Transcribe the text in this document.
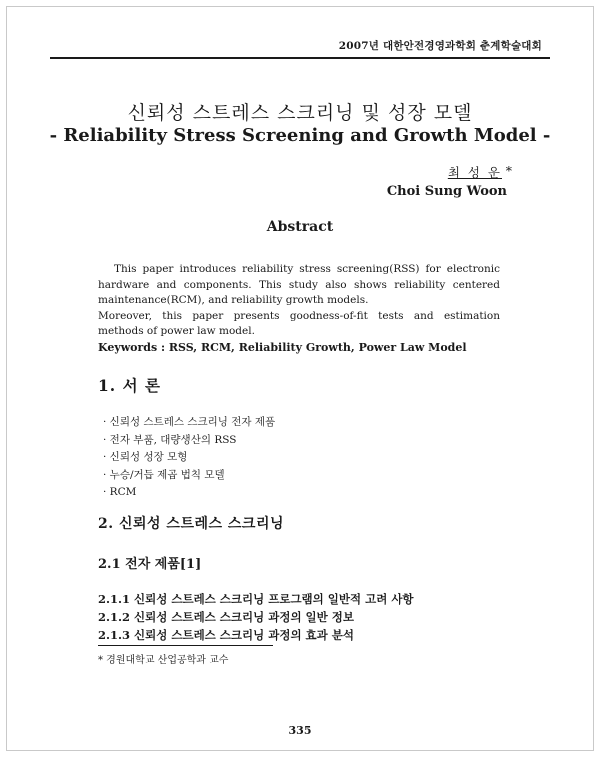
2007년 대한안전경영과학회 춘계학술대회
신뢰성 스트레스 스크리닝 및 성장 모델
- Reliability Stress Screening and Growth Model -
최 성 운 *
Choi Sung Woon
Abstract

This paper introduces reliability stress screening(RSS) for electronic hardware and components. This study also shows reliability centered maintenance(RCM), and reliability growth models.

Moreover, this paper presents goodness-of-fit tests and estimation methods of power law model.

Keywords : RSS, RCM, Reliability Growth, Power Law Model
1. 서 론
· 신뢰성 스트레스 스크리닝 전자 제품
· 전자 부품, 대량생산의 RSS
· 신뢰성 성장 모형
· 누승/거듭 제곱 법칙 모델
· RCM
2. 신뢰성 스트레스 스크리닝
2.1 전자 제품[1]
2.1.1 신뢰성 스트레스 스크리닝 프로그램의 일반적 고려 사항
2.1.2 신뢰성 스트레스 스크리닝 과정의 일반 정보
2.1.3 신뢰성 스트레스 스크리닝 과정의 효과 분석
* 경원대학교 산업공학과 교수
335
